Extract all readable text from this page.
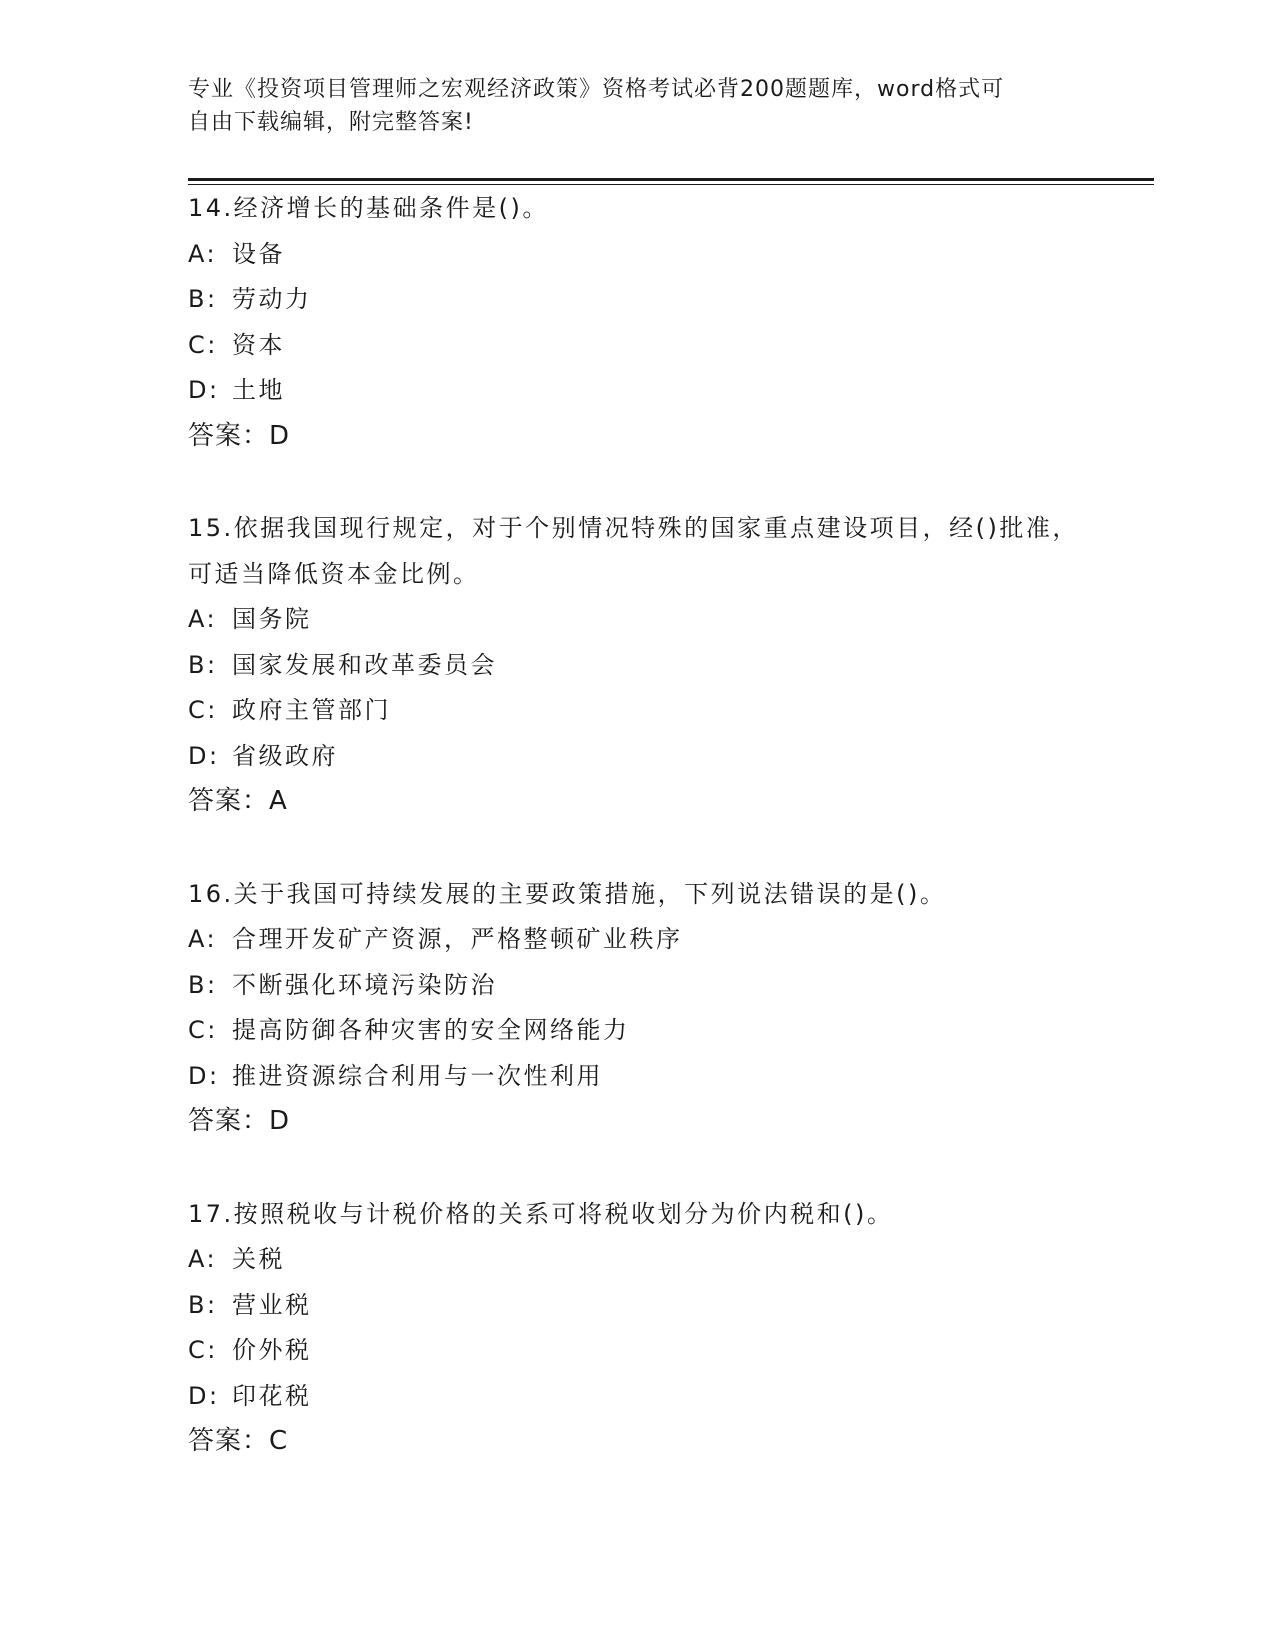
专业《投资项目管理师之宏观经济政策》资格考试必背200题题库，word格式可
自由下载编辑，附完整答案!
14.经济增长的基础条件是()。
A: 设备
B: 劳动力
C: 资本
D: 土地
答案：D
15.依据我国现行规定，对于个别情况特殊的国家重点建设项目，经()批准，可适当降低资本金比例。
A: 国务院
B: 国家发展和改革委员会
C: 政府主管部门
D: 省级政府
答案：A
16.关于我国可持续发展的主要政策措施，下列说法错误的是()。
A: 合理开发矿产资源，严格整顿矿业秩序
B: 不断强化环境污染防治
C: 提高防御各种灾害的安全网络能力
D: 推进资源综合利用与一次性利用
答案：D
17.按照税收与计税价格的关系可将税收划分为价内税和()。
A: 关税
B: 营业税
C: 价外税
D: 印花税
答案：C
